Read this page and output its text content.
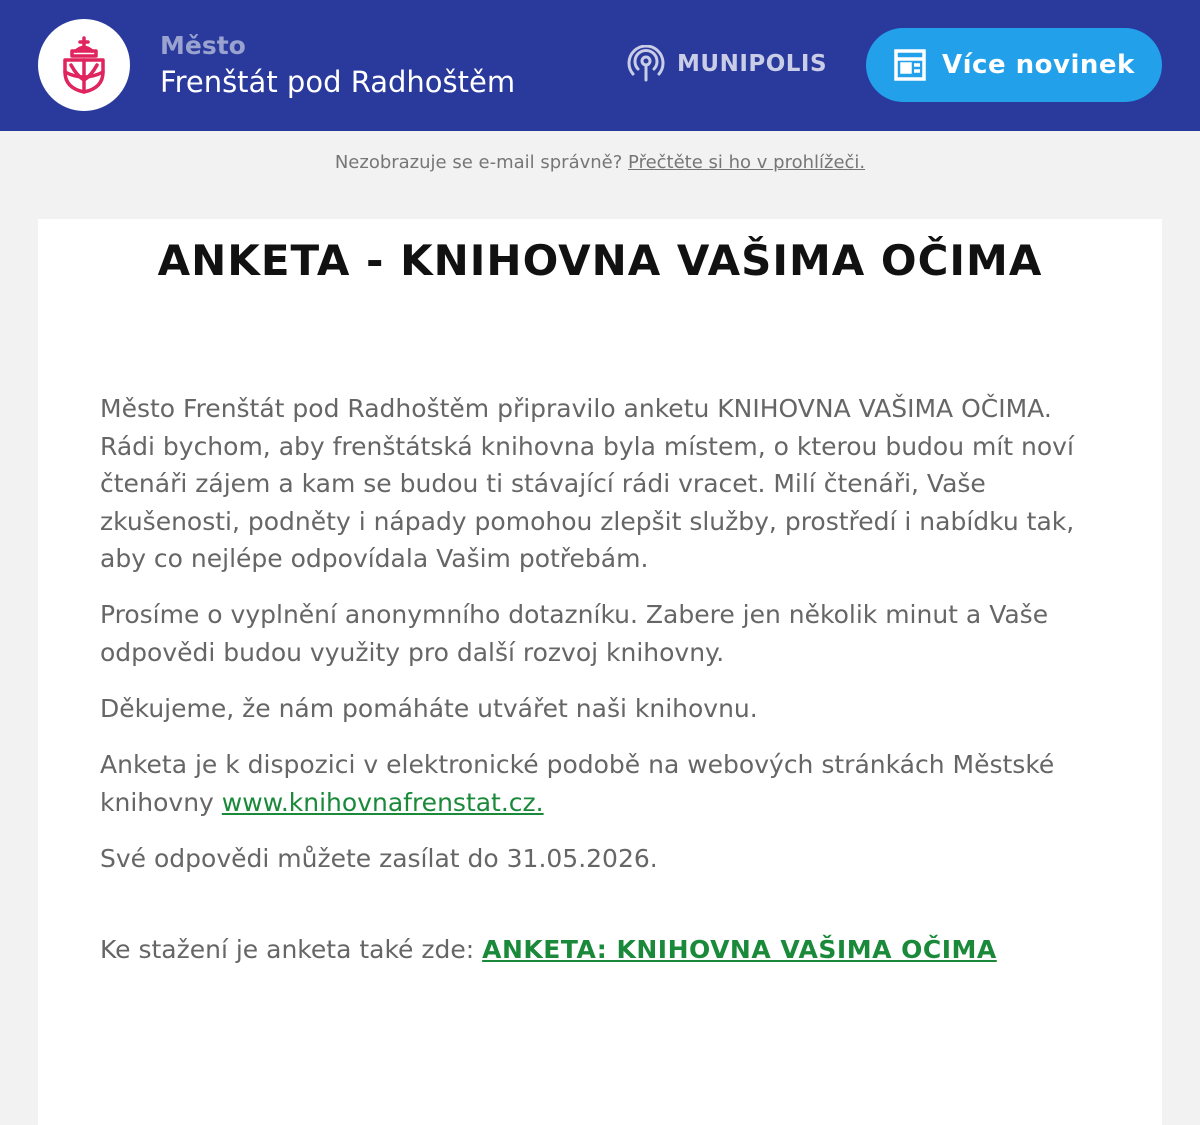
Město
Frenštát pod Radhoštěm
MUNIPOLIS	Více novinek
Nezobrazuje se e-mail správně? Přečtěte si ho v prohlížeči.
ANKETA - KNIHOVNA VAŠIMA OČIMA

Město Frenštát pod Radhoštěm připravilo anketu KNIHOVNA VAŠIMA OČIMA. Rádi bychom, aby frenštátská knihovna byla místem, o kterou budou mít noví čtenáři zájem a kam se budou ti stávající rádi vracet. Milí čtenáři, Vaše zkušenosti, podněty i nápady pomohou zlepšit služby, prostředí i nabídku tak, aby co nejlépe odpovídala Vašim potřebám.

Prosíme o vyplnění anonymního dotazníku. Zabere jen několik minut a Vaše odpovědi budou využity pro další rozvoj knihovny.

Děkujeme, že nám pomáháte utvářet naši knihovnu.

Anketa je k dispozici v elektronické podobě na webových stránkách Městské knihovny www.knihovnafrenstat.cz.

Své odpovědi můžete zasílat do 31.05.2026.

Ke stažení je anketa také zde: ANKETA: KNIHOVNA VAŠIMA OČIMA
